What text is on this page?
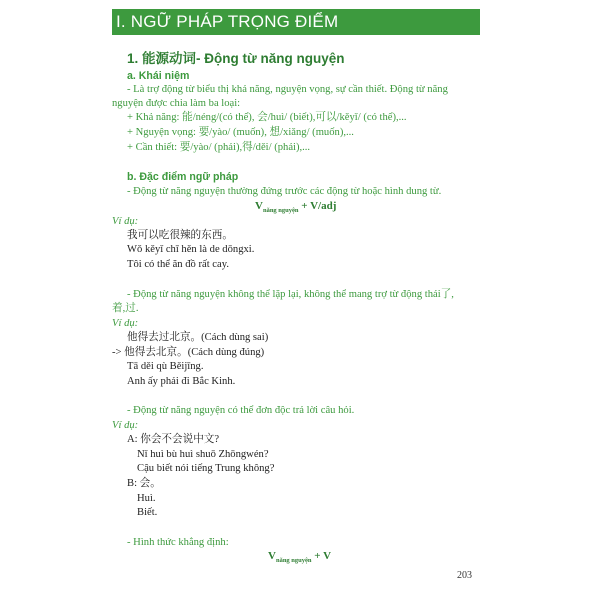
I. NGỮ PHÁP TRỌNG ĐIỂM
1. 能源动词- Động từ năng nguyện
a. Khái niệm
- Là trợ động từ biểu thị khả năng, nguyện vọng, sự cần thiết. Động từ năng
nguyện được chia làm ba loại:
+ Khả năng: 能/néng/(có thể), 会/huì/ (biết),可以/kěyǐ/ (có thể),...
+ Nguyện vọng: 要/yào/ (muốn), 想/xiǎng/ (muốn),...
+ Cần thiết: 要/yào/ (phải),得/děi/ (phải),...
b. Đặc điểm ngữ pháp
- Động từ năng nguyện thường đứng trước các động từ hoặc hình dung từ.
$V_{năng nguyện} + V/adj$
Ví dụ:
我可以吃很辣的东西。
Wǒ kěyǐ chī hěn là de dōngxi.
Tôi có thể ăn đồ rất cay.
- Động từ năng nguyện không thể lặp lại, không thể mang trợ từ động thái了,
着,过.
Ví dụ:
他得去过北京。(Cách dùng sai)
-> 他得去北京。(Cách dùng đúng)
Tā děi qù Běijīng.
Anh ấy phải đi Bắc Kinh.
- Động từ năng nguyện có thể đơn độc trả lời câu hỏi.
Ví dụ:
A: 你会不会说中文?
Nǐ huì bù huì shuō Zhōngwén?
Cậu biết nói tiếng Trung không?
B: 会。
Huì.
Biết.
- Hình thức khẳng định:
$V_{năng nguyện} + V$
203
